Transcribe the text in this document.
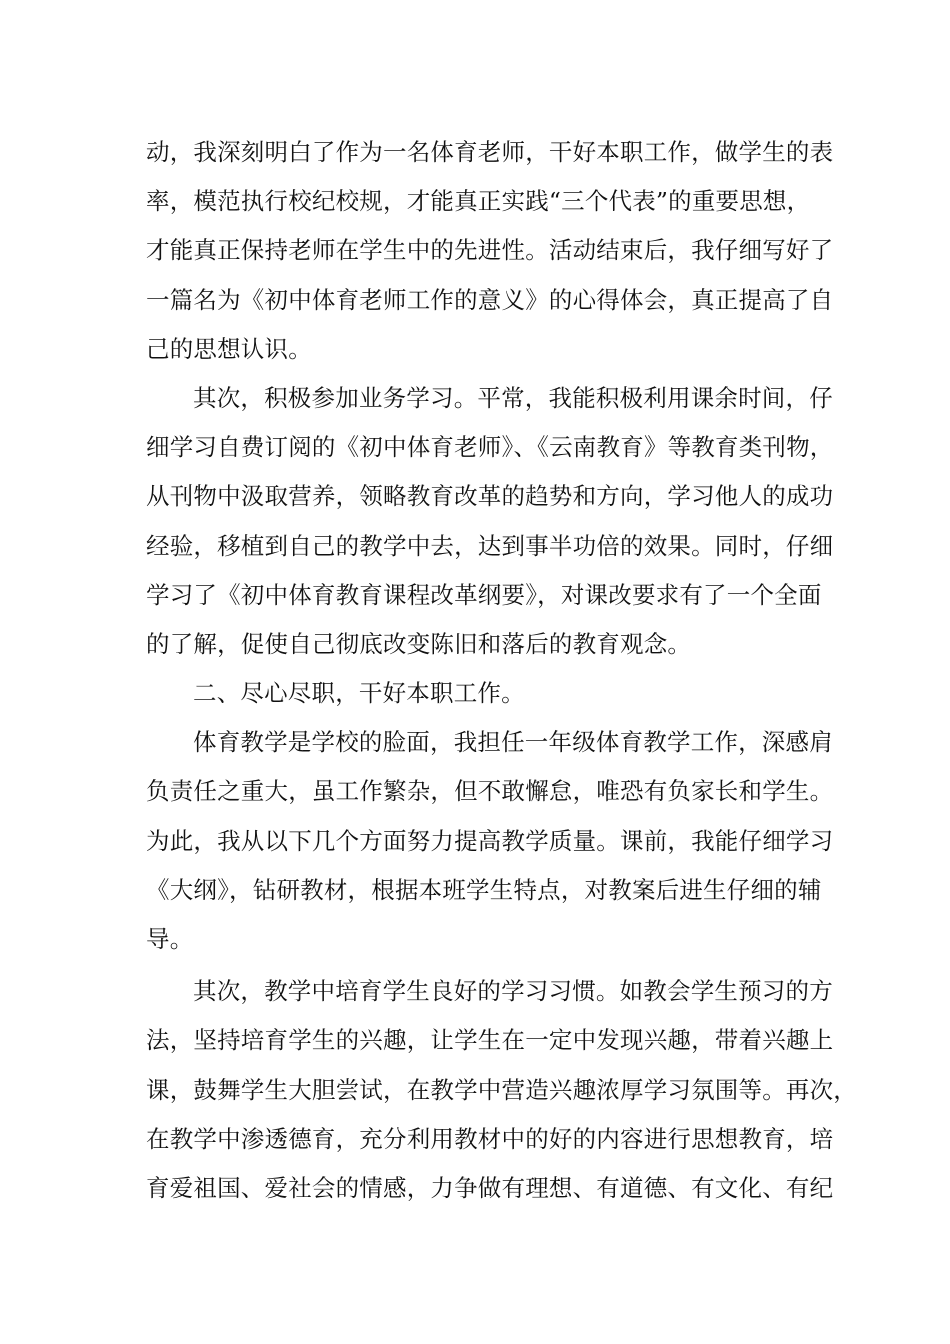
动，我深刻明白了作为一名体育老师，干好本职工作，做学生的表
率，模范执行校纪校规，才能真正实践“三个代表”的重要思想，
才能真正保持老师在学生中的先进性。活动结束后，我仔细写好了
一篇名为《初中体育老师工作的意义》的心得体会，真正提高了自
己的思想认识。
其次，积极参加业务学习。平常，我能积极利用课余时间，仔
细学习自费订阅的《初中体育老师》、《云南教育》等教育类刊物，
从刊物中汲取营养，领略教育改革的趋势和方向，学习他人的成功
经验，移植到自己的教学中去，达到事半功倍的效果。同时，仔细
学习了《初中体育教育课程改革纲要》，对课改要求有了一个全面
的了解，促使自己彻底改变陈旧和落后的教育观念。
二、尽心尽职，干好本职工作。
体育教学是学校的脸面，我担任一年级体育教学工作，深感肩
负责任之重大，虽工作繁杂，但不敢懈怠，唯恐有负家长和学生。
为此，我从以下几个方面努力提高教学质量。课前，我能仔细学习
《大纲》，钻研教材，根据本班学生特点，对教案后进生仔细的辅
导。
其次，教学中培育学生良好的学习习惯。如教会学生预习的方
法，坚持培育学生的兴趣，让学生在一定中发现兴趣，带着兴趣上
课，鼓舞学生大胆尝试，在教学中营造兴趣浓厚学习氛围等。再次，
在教学中渗透德育，充分利用教材中的好的内容进行思想教育，培
育爱祖国、爱社会的情感，力争做有理想、有道德、有文化、有纪
